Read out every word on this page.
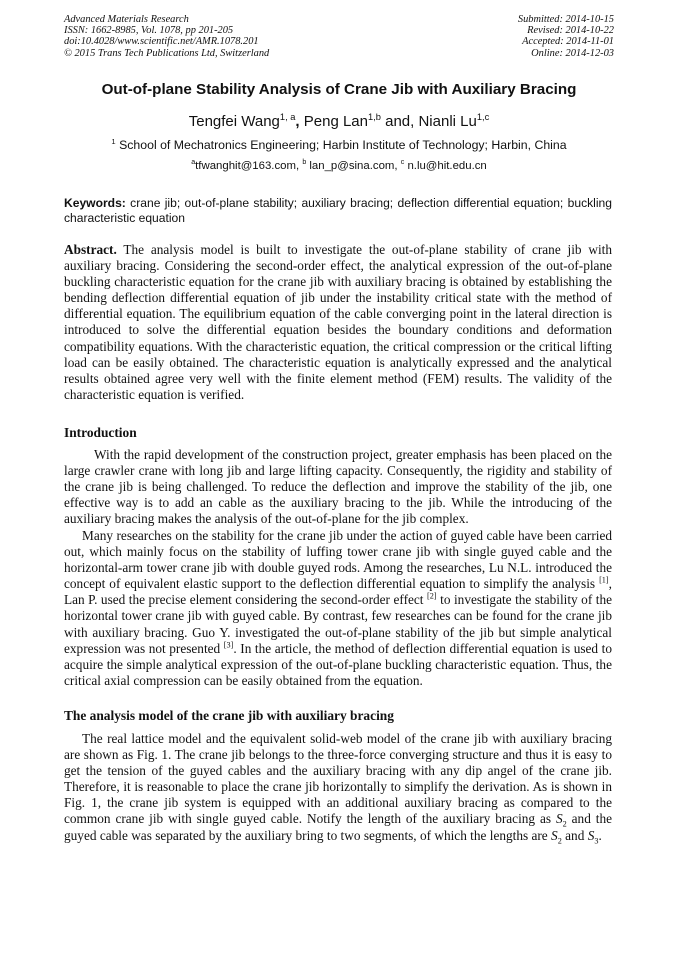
Advanced Materials Research
ISSN: 1662-8985, Vol. 1078, pp 201-205
doi:10.4028/www.scientific.net/AMR.1078.201
© 2015 Trans Tech Publications Ltd, Switzerland
Submitted: 2014-10-15
Revised: 2014-10-22
Accepted: 2014-11-01
Online: 2014-12-03
Out-of-plane Stability Analysis of Crane Jib with Auxiliary Bracing
Tengfei Wang$^{1, a}$, Peng Lan$^{1,b}$ and, Nianli Lu$^{1,c}$
$^1$ School of Mechatronics Engineering; Harbin Institute of Technology; Harbin, China
$^a$tfwanghit@163.com, $^b$ lan_p@sina.com, $^c$ n.lu@hit.edu.cn
Keywords: crane jib; out-of-plane stability; auxiliary bracing; deflection differential equation; buckling characteristic equation
Abstract. The analysis model is built to investigate the out-of-plane stability of crane jib with auxiliary bracing. Considering the second-order effect, the analytical expression of the out-of-plane buckling characteristic equation for the crane jib with auxiliary bracing is obtained by establishing the bending deflection differential equation of jib under the instability critical state with the method of differential equation. The equilibrium equation of the cable converging point in the lateral direction is introduced to solve the differential equation besides the boundary conditions and deformation compatibility equations. With the characteristic equation, the critical compression or the critical lifting load can be easily obtained. The characteristic equation is analytically expressed and the analytical results obtained agree very well with the finite element method (FEM) results. The validity of the characteristic equation is verified.
Introduction
With the rapid development of the construction project, greater emphasis has been placed on the large crawler crane with long jib and large lifting capacity. Consequently, the rigidity and stability of the crane jib is being challenged. To reduce the deflection and improve the stability of the jib, one effective way is to add an cable as the auxiliary bracing to the jib. While the introducing of the auxiliary bracing makes the analysis of the out-of-plane for the jib complex.
Many researches on the stability for the crane jib under the action of guyed cable have been carried out, which mainly focus on the stability of luffing tower crane jib with single guyed cable and the horizontal-arm tower crane jib with double guyed rods. Among the researches, Lu N.L. introduced the concept of equivalent elastic support to the deflection differential equation to simplify the analysis [1], Lan P. used the precise element considering the second-order effect [2] to investigate the stability of the horizontal tower crane jib with guyed cable. By contrast, few researches can be found for the crane jib with auxiliary bracing. Guo Y. investigated the out-of-plane stability of the jib but simple analytical expression was not presented [3]. In the article, the method of deflection differential equation is used to acquire the simple analytical expression of the out-of-plane buckling characteristic equation. Thus, the critical axial compression can be easily obtained from the equation.
The analysis model of the crane jib with auxiliary bracing
The real lattice model and the equivalent solid-web model of the crane jib with auxiliary bracing are shown as Fig. 1. The crane jib belongs to the three-force converging structure and thus it is easy to get the tension of the guyed cables and the auxiliary bracing with any dip angel of the crane jib. Therefore, it is reasonable to place the crane jib horizontally to simplify the derivation. As is shown in Fig. 1, the crane jib system is equipped with an additional auxiliary bracing as compared to the common crane jib with single guyed cable. Notify the length of the auxiliary bracing as $S_2$ and the guyed cable was separated by the auxiliary bring to two segments, of which the lengths are $S_2$ and $S_3$.
